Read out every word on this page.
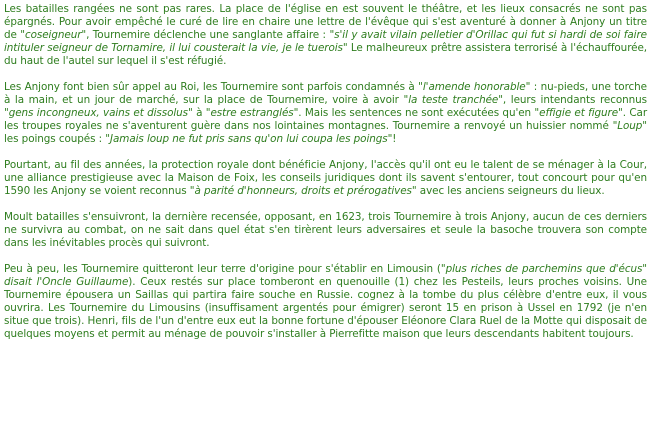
Les batailles rangées ne sont pas rares. La place de l'église en est souvent le théâtre, et les lieux consacrés ne sont pas épargnés. Pour avoir empêché le curé de lire en chaire une lettre de l'évêque qui s'est aventuré à donner à Anjony un titre de "coseigneur", Tournemire déclenche une sanglante affaire : "s'il y avait vilain pelletier d'Orillac qui fut si hardi de soi faire intituler seigneur de Tornamire, il lui cousterait la vie, je le tuerois" Le malheureux prêtre assistera terrorisé à l'échauffourée, du haut de l'autel sur lequel il s'est réfugié.

Les Anjony font bien sûr appel au Roi, les Tournemire sont parfois condamnés à "l'amende honorable" : nu-pieds, une torche à la main, et un jour de marché, sur la place de Tournemire, voire à avoir "la teste tranchée", leurs intendants reconnus "gens incongneux, vains et dissolus" à "estre estranglés". Mais les sentences ne sont exécutées qu'en "effigie et figure". Car les troupes royales ne s'aventurent guère dans nos lointaines montagnes. Tournemire a renvoyé un huissier nommé "Loup" les poings coupés : "Jamais loup ne fut pris sans qu'on lui coupa les poings"!

Pourtant, au fil des années, la protection royale dont bénéficie Anjony, l'accès qu'il ont eu le talent de se ménager à la Cour, une alliance prestigieuse avec la Maison de Foix, les conseils juridiques dont ils savent s'entourer, tout concourt pour qu'en 1590 les Anjony se voient reconnus "à parité d'honneurs, droits et prérogatives" avec les anciens seigneurs du lieux.

Moult batailles s'ensuivront, la dernière recensée, opposant, en 1623, trois Tournemire à trois Anjony, aucun de ces derniers ne survivra au combat, on ne sait dans quel état s'en tirèrent leurs adversaires et seule la basoche trouvera son compte dans les inévitables procès qui suivront.

Peu à peu, les Tournemire quitteront leur terre d'origine pour s'établir en Limousin ("plus riches de parchemins que d'écus" disait l'Oncle Guillaume). Ceux restés sur place tomberont en quenouille (1) chez les Pesteils, leurs proches voisins. Une Tournemire épousera un Saillas qui partira faire souche en Russie. cognez à la tombe du plus célèbre d'entre eux, il vous ouvrira. Les Tournemire du Limousins (insuffisament argentés pour émigrer) seront 15 en prison à Ussel en 1792 (je n'en situe que trois). Henri, fils de l'un d'entre eux eut la bonne fortune d'épouser Eléonore Clara Ruel de la Motte qui disposait de quelques moyens et permit au ménage de pouvoir s'installer à Pierrefitte maison que leurs descendants habitent toujours.
